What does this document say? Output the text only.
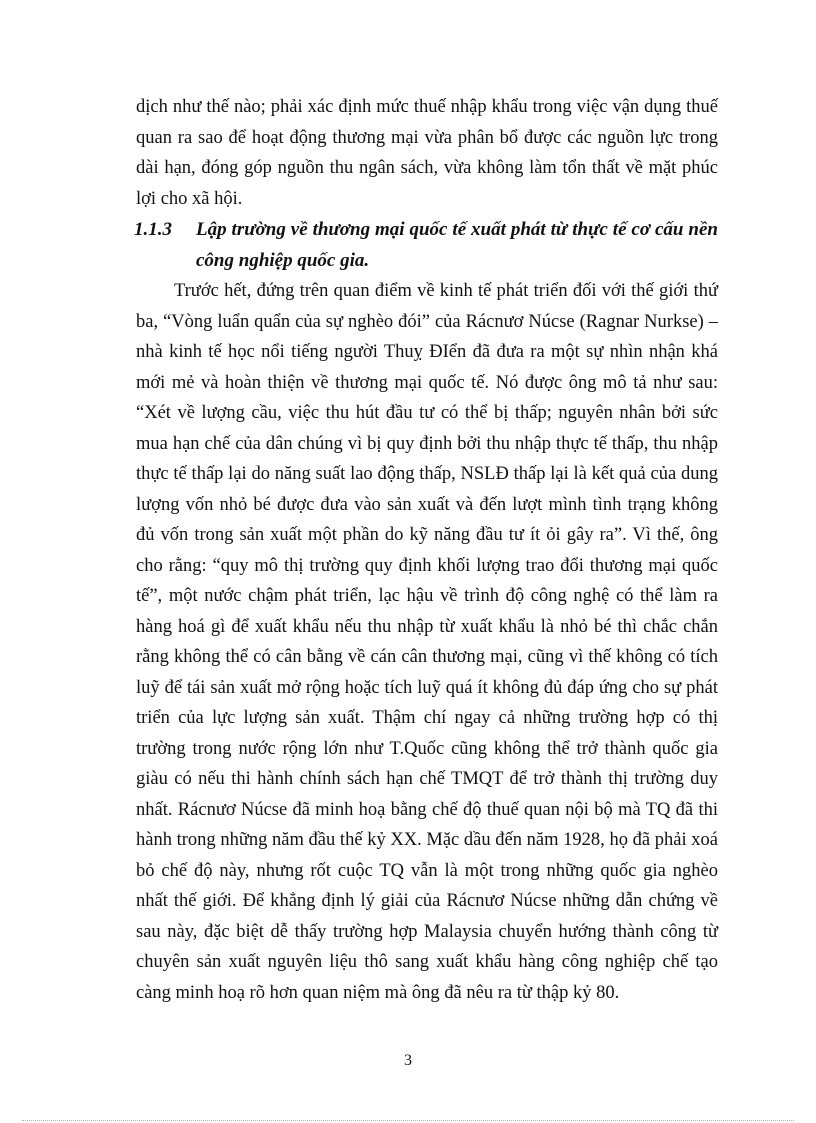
dịch như thế nào; phải xác định mức thuế nhập khẩu trong việc vận dụng thuế quan ra sao để hoạt động thương mại vừa phân bổ được các nguồn lực trong dài hạn, đóng góp nguồn thu ngân sách, vừa không làm tổn thất về mặt phúc lợi cho xã hội.

1.1.3	Lập trường về thương mại quốc tế xuất phát từ thực tế cơ cấu nền công nghiệp quốc gia.

Trước hết, đứng trên quan điểm về kinh tế phát triển đối với thế giới thứ ba, “Vòng luẩn quẩn của sự nghèo đói” của Rácnươ Núcse (Ragnar Nurkse) – nhà kinh tế học nổi tiếng người Thuỵ ĐIển đã đưa ra một sự nhìn nhận khá mới mẻ và hoàn thiện về thương mại quốc tế. Nó được ông mô tả như sau: “Xét về lượng cầu, việc thu hút đầu tư có thể bị thấp; nguyên nhân bởi sức mua hạn chế của dân chúng vì bị quy định bởi thu nhập thực tế thấp, thu nhập thực tế thấp lại do năng suất lao động thấp, NSLĐ thấp lại là kết quả của dung lượng vốn nhỏ bé được đưa vào sản xuất và đến lượt mình tình trạng không đủ vốn trong sản xuất một phần do kỹ năng đầu tư ít ỏi gây ra”. Vì thế, ông cho rằng: “quy mô thị trường quy định khối lượng trao đổi thương mại quốc tế”, một nước chậm phát triển, lạc hậu về trình độ công nghệ có thể làm ra hàng hoá gì để xuất khẩu nếu thu nhập từ xuất khẩu là nhỏ bé thì chắc chắn rằng không thể có cân bằng về cán cân thương mại, cũng vì thế không có tích luỹ để tái sản xuất mở rộng hoặc tích luỹ quá ít không đủ đáp ứng cho sự phát triển của lực lượng sản xuất. Thậm chí ngay cả những trường hợp có thị trường trong nước rộng lớn như T.Quốc cũng không thể trở thành quốc gia giàu có nếu thi hành chính sách hạn chế TMQT để trở thành thị trường duy nhất. Rácnươ Núcse đã minh hoạ bằng chế độ thuế quan nội bộ mà TQ đã thi hành trong những năm đầu thế kỷ XX. Mặc dầu đến năm 1928, họ đã phải xoá bỏ chế độ này, nhưng rốt cuộc TQ vẫn là một trong những quốc gia nghèo nhất thế giới. Để khẳng định lý giải của Rácnươ Núcse những dẫn chứng về sau này, đặc biệt dễ thấy trường hợp Malaysia chuyển hướng thành công từ chuyên sản xuất nguyên liệu thô sang xuất khẩu hàng công nghiệp chế tạo càng minh hoạ rõ hơn quan niệm mà ông đã nêu ra từ thập kỷ 80.

3
